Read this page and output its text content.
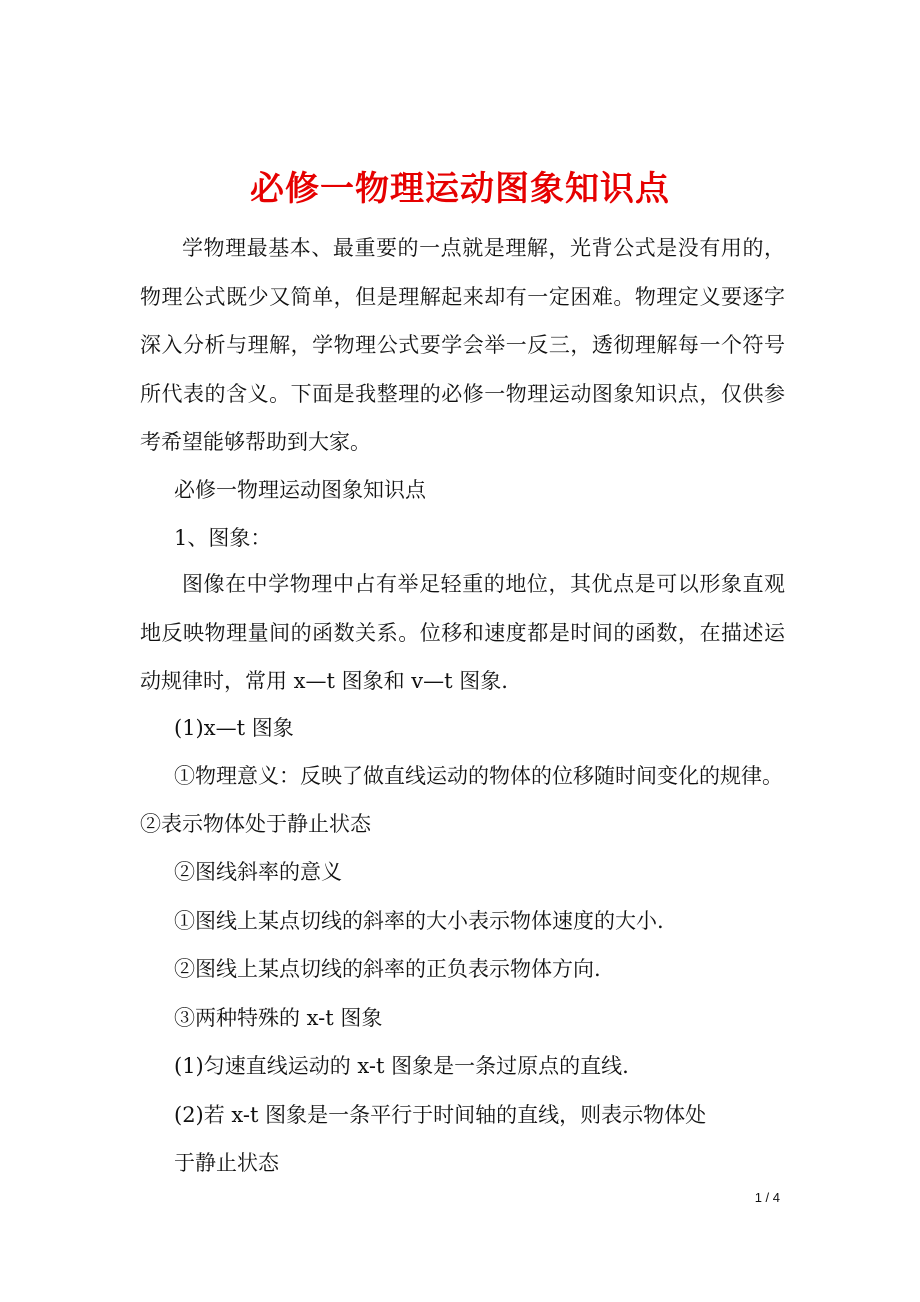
必修一物理运动图象知识点

学物理最基本、最重要的一点就是理解，光背公式是没有用的，物理公式既少又简单，但是理解起来却有一定困难。物理定义要逐字深入分析与理解，学物理公式要学会举一反三，透彻理解每一个符号所代表的含义。下面是我整理的必修一物理运动图象知识点，仅供参考希望能够帮助到大家。

必修一物理运动图象知识点

1、图象：

图像在中学物理中占有举足轻重的地位，其优点是可以形象直观地反映物理量间的函数关系。位移和速度都是时间的函数，在描述运动规律时，常用 x—t 图象和 v—t 图象.

(1)x—t 图象

①物理意义：反映了做直线运动的物体的位移随时间变化的规律。

②表示物体处于静止状态

②图线斜率的意义

①图线上某点切线的斜率的大小表示物体速度的大小.

②图线上某点切线的斜率的正负表示物体方向.

③两种特殊的 x-t 图象

(1)匀速直线运动的 x-t 图象是一条过原点的直线.

(2)若 x-t 图象是一条平行于时间轴的直线，则表示物体处

于静止状态

1 / 4
